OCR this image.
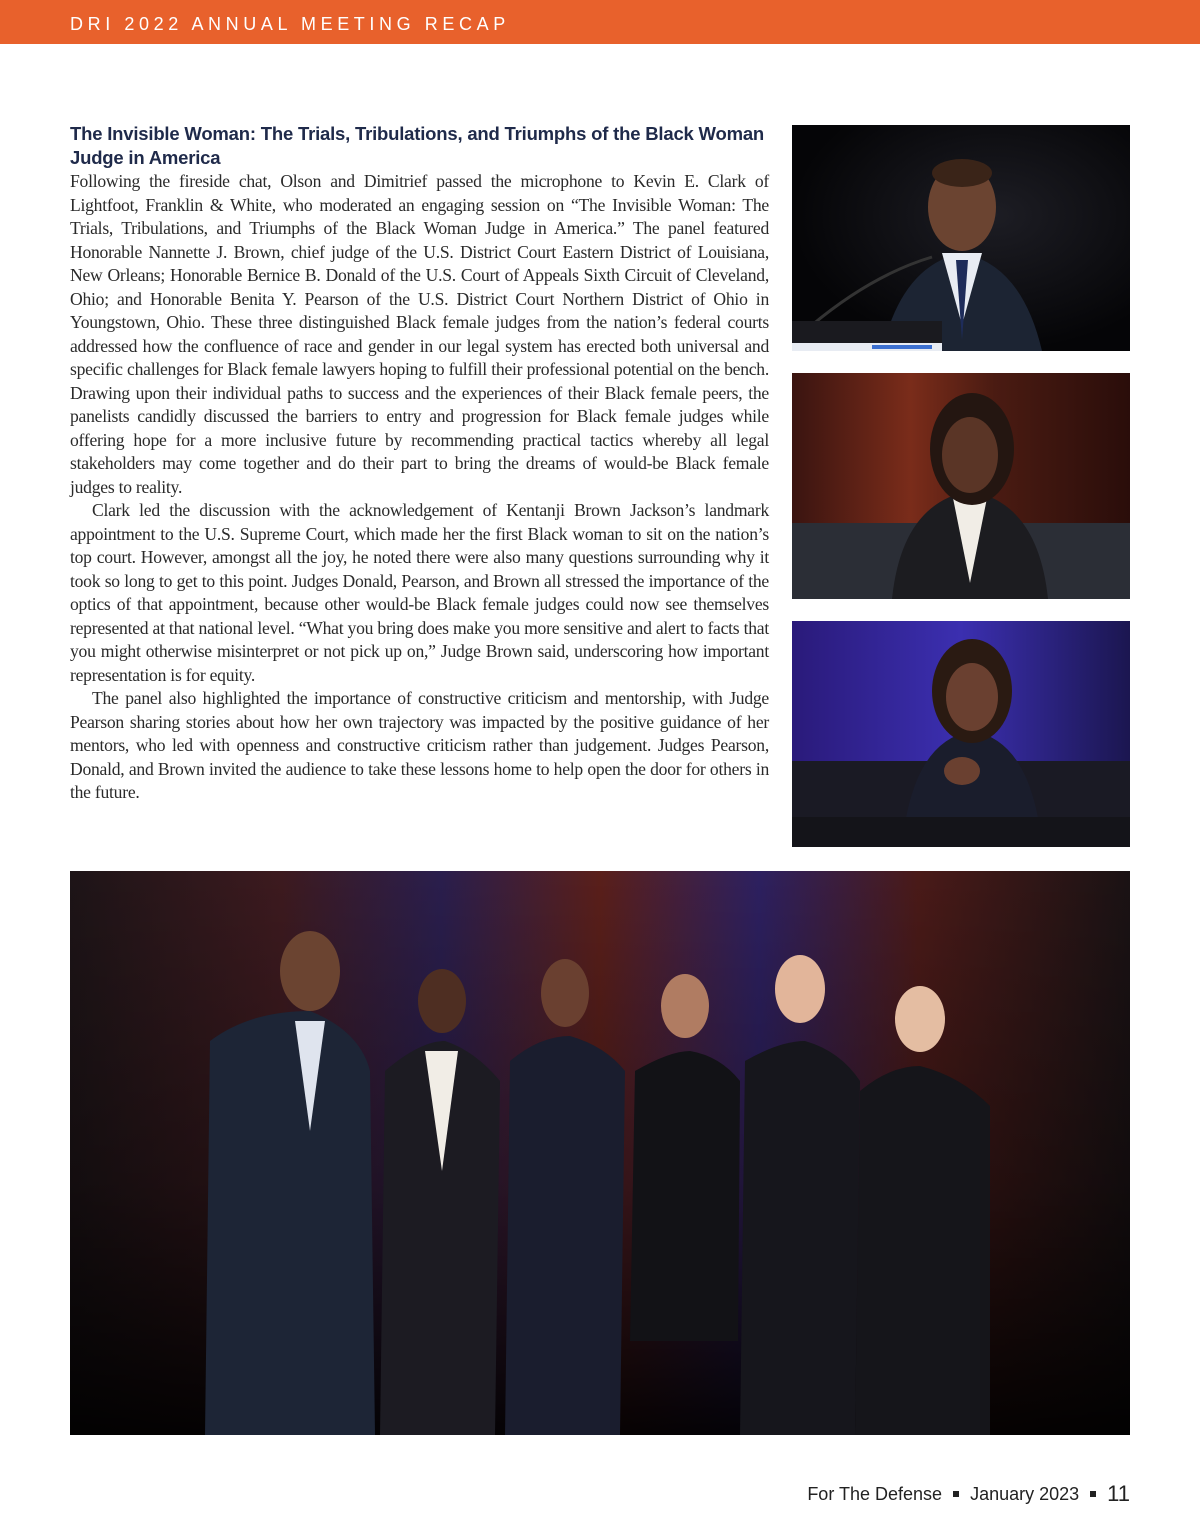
DRI 2022 ANNUAL MEETING RECAP
The Invisible Woman: The Trials, Tribulations, and Triumphs of the Black Woman Judge in America

Following the fireside chat, Olson and Dimitrief passed the microphone to Kevin E. Clark of Lightfoot, Franklin & White, who moderated an engaging session on “The Invisible Woman: The Trials, Tribulations, and Triumphs of the Black Woman Judge in America.” The panel featured Honorable Nannette J. Brown, chief judge of the U.S. District Court Eastern District of Louisiana, New Orleans; Honorable Bernice B. Donald of the U.S. Court of Appeals Sixth Circuit of Cleveland, Ohio; and Honorable Benita Y. Pearson of the U.S. District Court Northern District of Ohio in Youngstown, Ohio. These three distinguished Black female judges from the nation’s federal courts addressed how the confluence of race and gender in our legal system has erected both universal and specific challenges for Black female lawyers hoping to fulfill their professional potential on the bench. Drawing upon their individual paths to success and the experiences of their Black female peers, the panelists candidly discussed the barriers to entry and progression for Black female judges while offering hope for a more inclusive future by recommending practical tactics whereby all legal stakeholders may come together and do their part to bring the dreams of would-be Black female judges to reality.

Clark led the discussion with the acknowledgement of Kentanji Brown Jackson’s landmark appointment to the U.S. Supreme Court, which made her the first Black woman to sit on the nation’s top court. However, amongst all the joy, he noted there were also many questions surrounding why it took so long to get to this point. Judges Donald, Pearson, and Brown all stressed the importance of the optics of that appointment, because other would-be Black female judges could now see themselves represented at that national level. “What you bring does make you more sensitive and alert to facts that you might otherwise misinterpret or not pick up on,” Judge Brown said, underscoring how important representation is for equity.

The panel also highlighted the importance of constructive criticism and mentorship, with Judge Pearson sharing stories about how her own trajectory was impacted by the positive guidance of her mentors, who led with openness and constructive criticism rather than judgement. Judges Pearson, Donald, and Brown invited the audience to take these lessons home to help open the door for others in the future.

For The Defense January 2023 11
